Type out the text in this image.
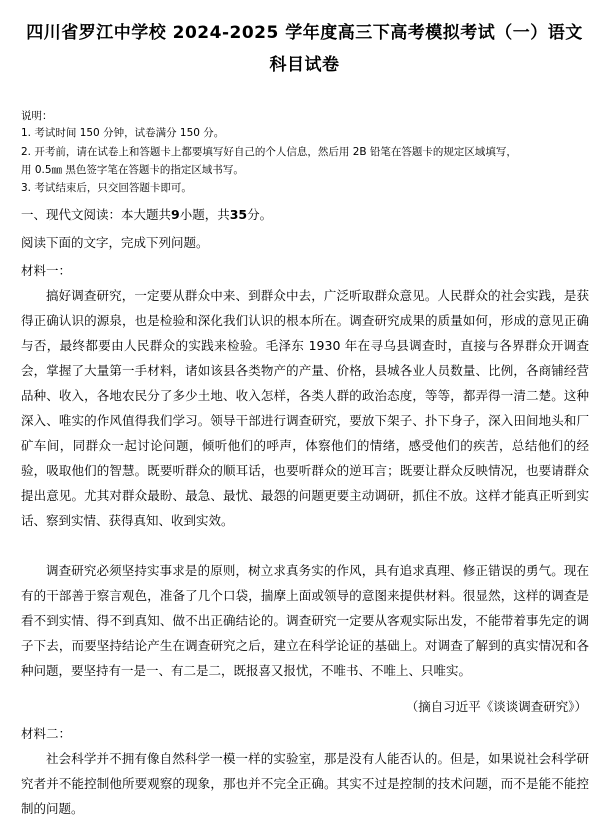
四川省罗江中学校 2024-2025 学年度高三下高考模拟考试（一）语文
科目试卷
说明：
1. 考试时间 150 分钟，试卷满分 150 分。
2. 开考前，请在试卷上和答题卡上都要填写好自己的个人信息，然后用 2B 铅笔在答题卡的规定区域填写，
用 0.5㎜ 黑色签字笔在答题卡的指定区域书写。
3. 考试结束后，只交回答题卡即可。
一、现代文阅读：本大题共9小题，共35分。
阅读下面的文字，完成下列问题。
材料一：
搞好调查研究，一定要从群众中来、到群众中去，广泛听取群众意见。人民群众的社会实践，是获得正确认识的源泉，也是检验和深化我们认识的根本所在。调查研究成果的质量如何，形成的意见正确与否，最终都要由人民群众的实践来检验。毛泽东 1930 年在寻乌县调查时，直接与各界群众开调查会，掌握了大量第一手材料，诸如该县各类物产的产量、价格，县城各业人员数量、比例，各商铺经营品种、收入，各地农民分了多少土地、收入怎样，各类人群的政治态度，等等，都弄得一清二楚。这种深入、唯实的作风值得我们学习。领导干部进行调查研究，要放下架子、扑下身子，深入田间地头和厂矿车间，同群众一起讨论问题，倾听他们的呼声，体察他们的情绪，感受他们的疾苦，总结他们的经验，吸取他们的智慧。既要听群众的顺耳话，也要听群众的逆耳言；既要让群众反映情况，也要请群众提出意见。尤其对群众最盼、最急、最忧、最怨的问题更要主动调研，抓住不放。这样才能真正听到实话、察到实情、获得真知、收到实效。
调查研究必须坚持实事求是的原则，树立求真务实的作风，具有追求真理、修正错误的勇气。现在有的干部善于察言观色，准备了几个口袋，揣摩上面或领导的意图来提供材料。很显然，这样的调查是看不到实情、得不到真知、做不出正确结论的。调查研究一定要从客观实际出发，不能带着事先定的调子下去，而要坚持结论产生在调查研究之后，建立在科学论证的基础上。对调查了解到的真实情况和各种问题，要坚持有一是一、有二是二，既报喜又报忧，不唯书、不唯上、只唯实。
（摘自习近平《谈谈调查研究》）
材料二：
社会科学并不拥有像自然科学一模一样的实验室，那是没有人能否认的。但是，如果说社会科学研究者并不能控制他所要观察的现象，那也并不完全正确。其实不过是控制的技术问题，而不是能不能控制的问题。
